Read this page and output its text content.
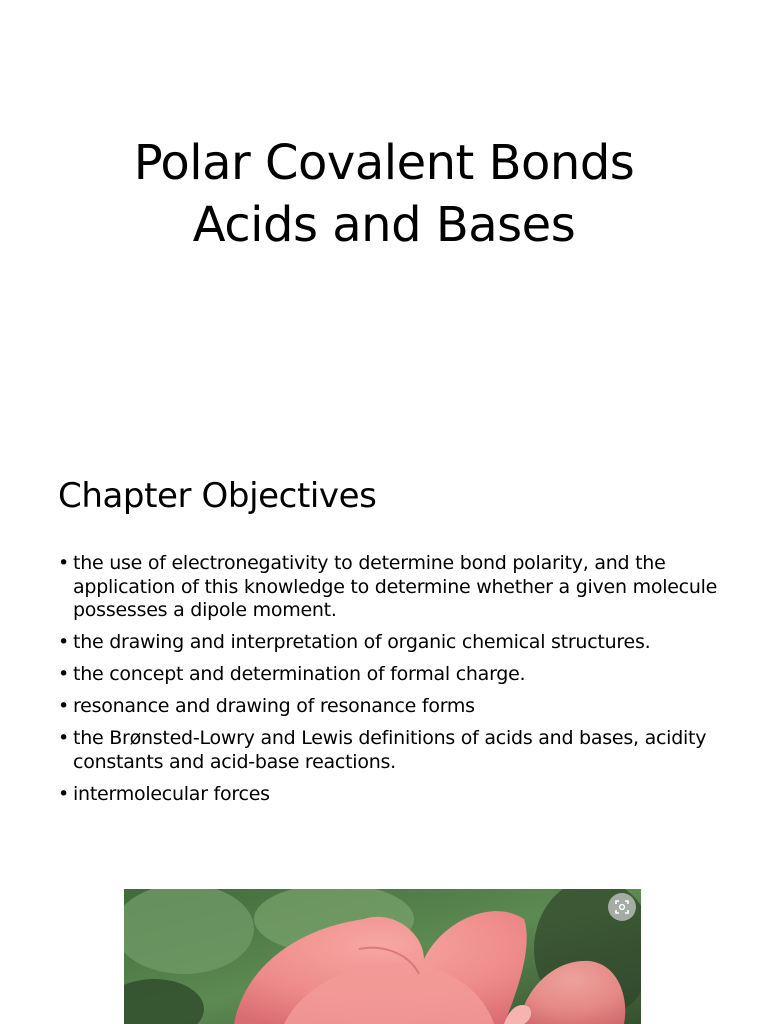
Polar Covalent Bonds
Acids and Bases
Chapter Objectives
• the use of electronegativity to determine bond polarity, and the application of this knowledge to determine whether a given molecule possesses a dipole moment.
• the drawing and interpretation of organic chemical structures.
• the concept and determination of formal charge.
• resonance and drawing of resonance forms
• the Brønsted-Lowry and Lewis definitions of acids and bases, acidity constants and acid-base reactions.
• intermolecular forces
